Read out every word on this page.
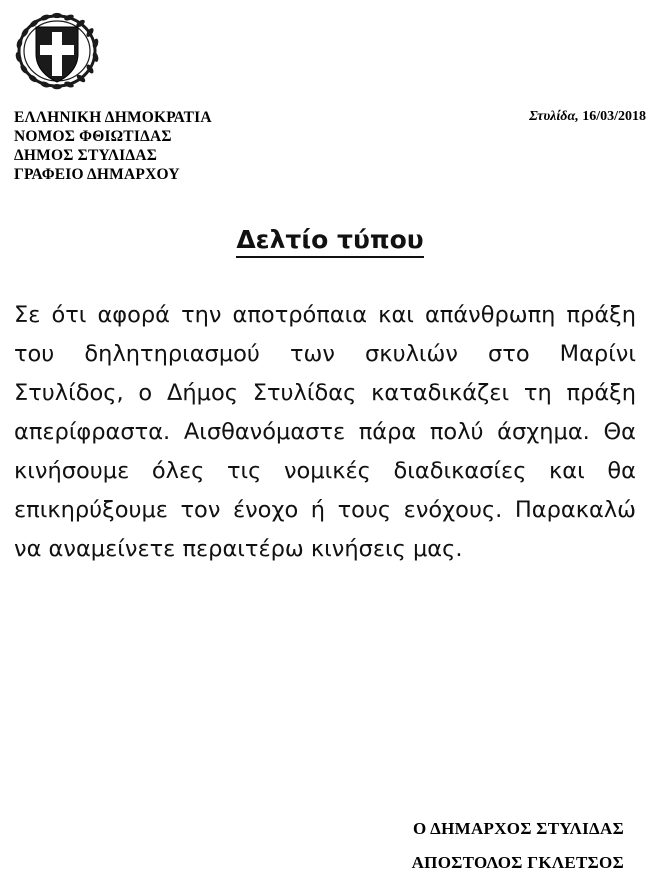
ΕΛΛΗΝΙΚΗ ΔΗΜΟΚΡΑΤΙΑ
ΝΟΜΟΣ ΦΘΙΩΤΙΔΑΣ
ΔΗΜΟΣ ΣΤΥΛΙΔΑΣ
ΓΡΑΦΕΙΟ ΔΗΜΑΡΧΟΥ
Στυλίδα, 16/03/2018
Δελτίο τύπου
Σε ότι αφορά την αποτρόπαια και απάνθρωπη πράξη του δηλητηριασμού των σκυλιών στο Μαρίνι Στυλίδος, ο Δήμος Στυλίδας καταδικάζει τη πράξη απερίφραστα. Αισθανόμαστε πάρα πολύ άσχημα. Θα κινήσουμε όλες τις νομικές διαδικασίες και θα επικηρύξουμε τον ένοχο ή τους ενόχους. Παρακαλώ να αναμείνετε περαιτέρω κινήσεις μας.
Ο ΔΗΜΑΡΧΟΣ ΣΤΥΛΙΔΑΣ
ΑΠΟΣΤΟΛΟΣ ΓΚΛΕΤΣΟΣ
